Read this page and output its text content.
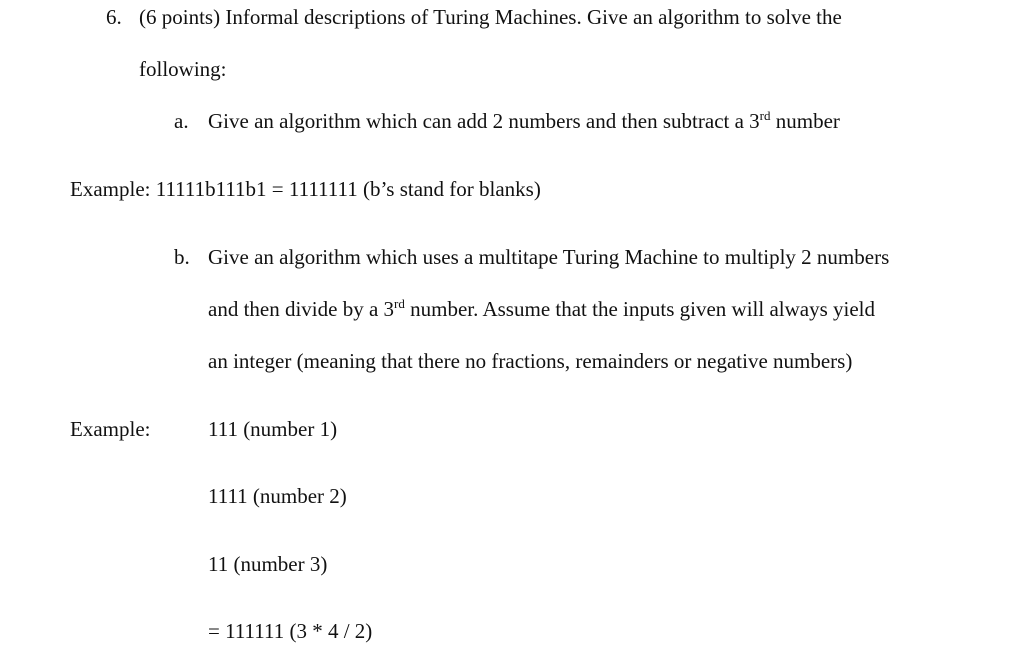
6. (6 points) Informal descriptions of Turing Machines. Give an algorithm to solve the
following:
a. Give an algorithm which can add 2 numbers and then subtract a 3rd number
Example: 11111b111b1 = 1111111 (b’s stand for blanks)
b. Give an algorithm which uses a multitape Turing Machine to multiply 2 numbers
and then divide by a 3rd number. Assume that the inputs given will always yield
an integer (meaning that there no fractions, remainders or negative numbers)
Example:	111 (number 1)
1111 (number 2)
11 (number 3)
= 111111 (3 * 4 / 2)
